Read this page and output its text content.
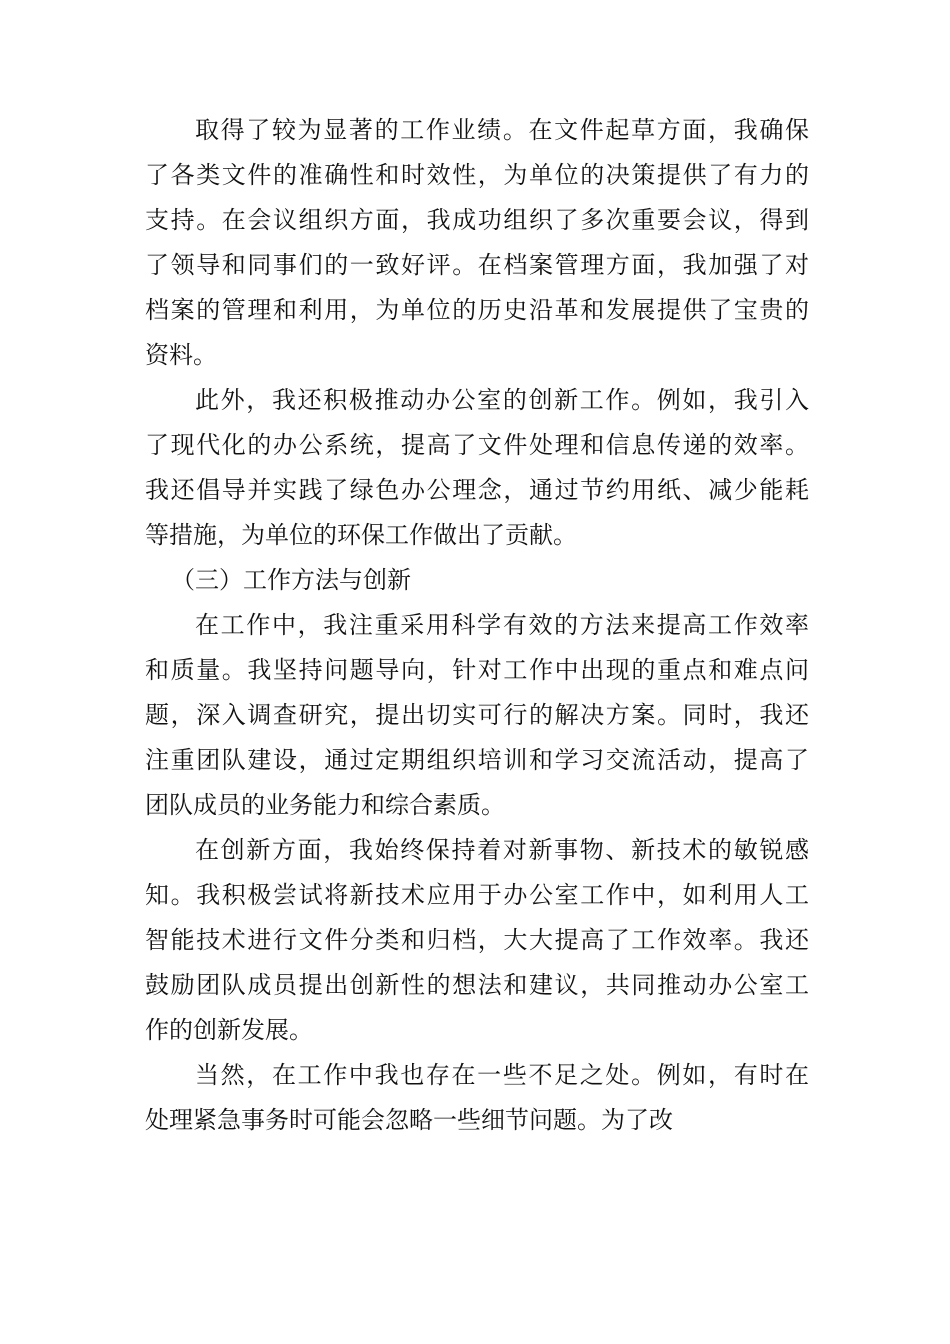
取得了较为显著的工作业绩。在文件起草方面，我确保
了各类文件的准确性和时效性，为单位的决策提供了有力的
支持。在会议组织方面，我成功组织了多次重要会议，得到
了领导和同事们的一致好评。在档案管理方面，我加强了对
档案的管理和利用，为单位的历史沿革和发展提供了宝贵的
资料。
此外，我还积极推动办公室的创新工作。例如，我引入
了现代化的办公系统，提高了文件处理和信息传递的效率。
我还倡导并实践了绿色办公理念，通过节约用纸、减少能耗
等措施，为单位的环保工作做出了贡献。
（三）工作方法与创新
在工作中，我注重采用科学有效的方法来提高工作效率
和质量。我坚持问题导向，针对工作中出现的重点和难点问
题，深入调查研究，提出切实可行的解决方案。同时，我还
注重团队建设，通过定期组织培训和学习交流活动，提高了
团队成员的业务能力和综合素质。
在创新方面，我始终保持着对新事物、新技术的敏锐感
知。我积极尝试将新技术应用于办公室工作中，如利用人工
智能技术进行文件分类和归档，大大提高了工作效率。我还
鼓励团队成员提出创新性的想法和建议，共同推动办公室工
作的创新发展。
当然，在工作中我也存在一些不足之处。例如，有时在
处理紧急事务时可能会忽略一些细节问题。为了改
